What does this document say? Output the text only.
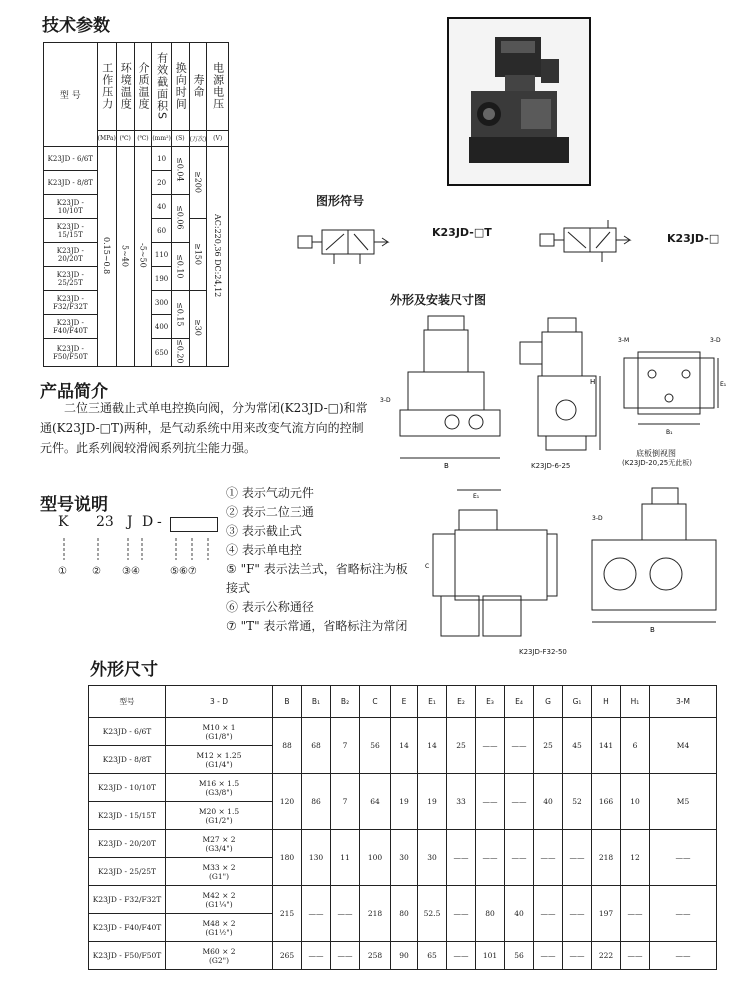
技术参数
型 号	工作压力	环境温度	介质温度	有效截面积S	换向时间	寿命	电源电压
	(MPa)	(℃)	(℃)	(mm²)	(S)	(万次)	(V)
K23JD - 6/6T	0.15~0.8	5~40	-5~50	10	≤0.04	≥200	AC:220,36 DC:24,12
K23JD - 8/8T				20			
K23JD - 10/10T				40	≤0.06		
K23JD - 15/15T				60		≥150	
K23JD - 20/20T				110	≤0.10		
K23JD - 25/25T				190			
K23JD - F32/F32T				300	≤0.15	≥30	
K23JD - F40/F40T				400			
K23JD - F50/F50T				650	≤0.20		
图形符号
K23JD-□T	K23JD-□
外形及安装尺寸图
B
3-D
H
K23JD-6-25
3-M	3-D
E₁
B₁
底板倒视图
(K23JD-20,25无此板)
E₁
C
3-D
B
K23JD-F32-50
产品简介
二位三通截止式单电控换向阀，分为常闭(K23JD-□)和常通(K23JD-□T)两种，是气动系统中用来改变气流方向的控制元件。此系列阀较滑阀系列抗尘能力强。
型号说明
K 23 J D -
①	② ③④	⑤⑥⑦
① 表示气动元件
② 表示二位三通
③ 表示截止式
④ 表示单电控
⑤ "F" 表示法兰式，省略标注为板接式
⑥ 表示公称通径
⑦ "T" 表示常通，省略标注为常闭
外形尺寸
型号	3 - D	B	B₁	B₂	C	E	E₁	E₂	E₃	E₄	G	G₁	H	H₁	3-M
K23JD - 6/6T	M10 × 1
(G1/8")	88	68	7	56	14	14	25	——	——	25	45	141	6	M4
K23JD - 8/8T	M12 × 1.25
(G1/4")														

K23JD - 10/10T	M16 × 1.5
(G3/8")	120	86	7	64	19	19	33	——	——	40	52	166	10	M5
K23JD - 15/15T	M20 × 1.5
(G1/2")														

K23JD - 20/20T	M27 × 2
(G3/4")	180	130	11	100	30	30	——	——	——	——	——	218	12	——
K23JD - 25/25T	M33 × 2
(G1")														

K23JD - F32/F32T	M42 × 2
(G1¼")	215	——	——	218	80	52.5	——	80	40	——	——	197	——	——
K23JD - F40/F40T	M48 × 2
(G1½")														

K23JD - F50/F50T	M60 × 2
(G2")	265	——	——	258	90	65	——	101	56	——	——	222	——	——
